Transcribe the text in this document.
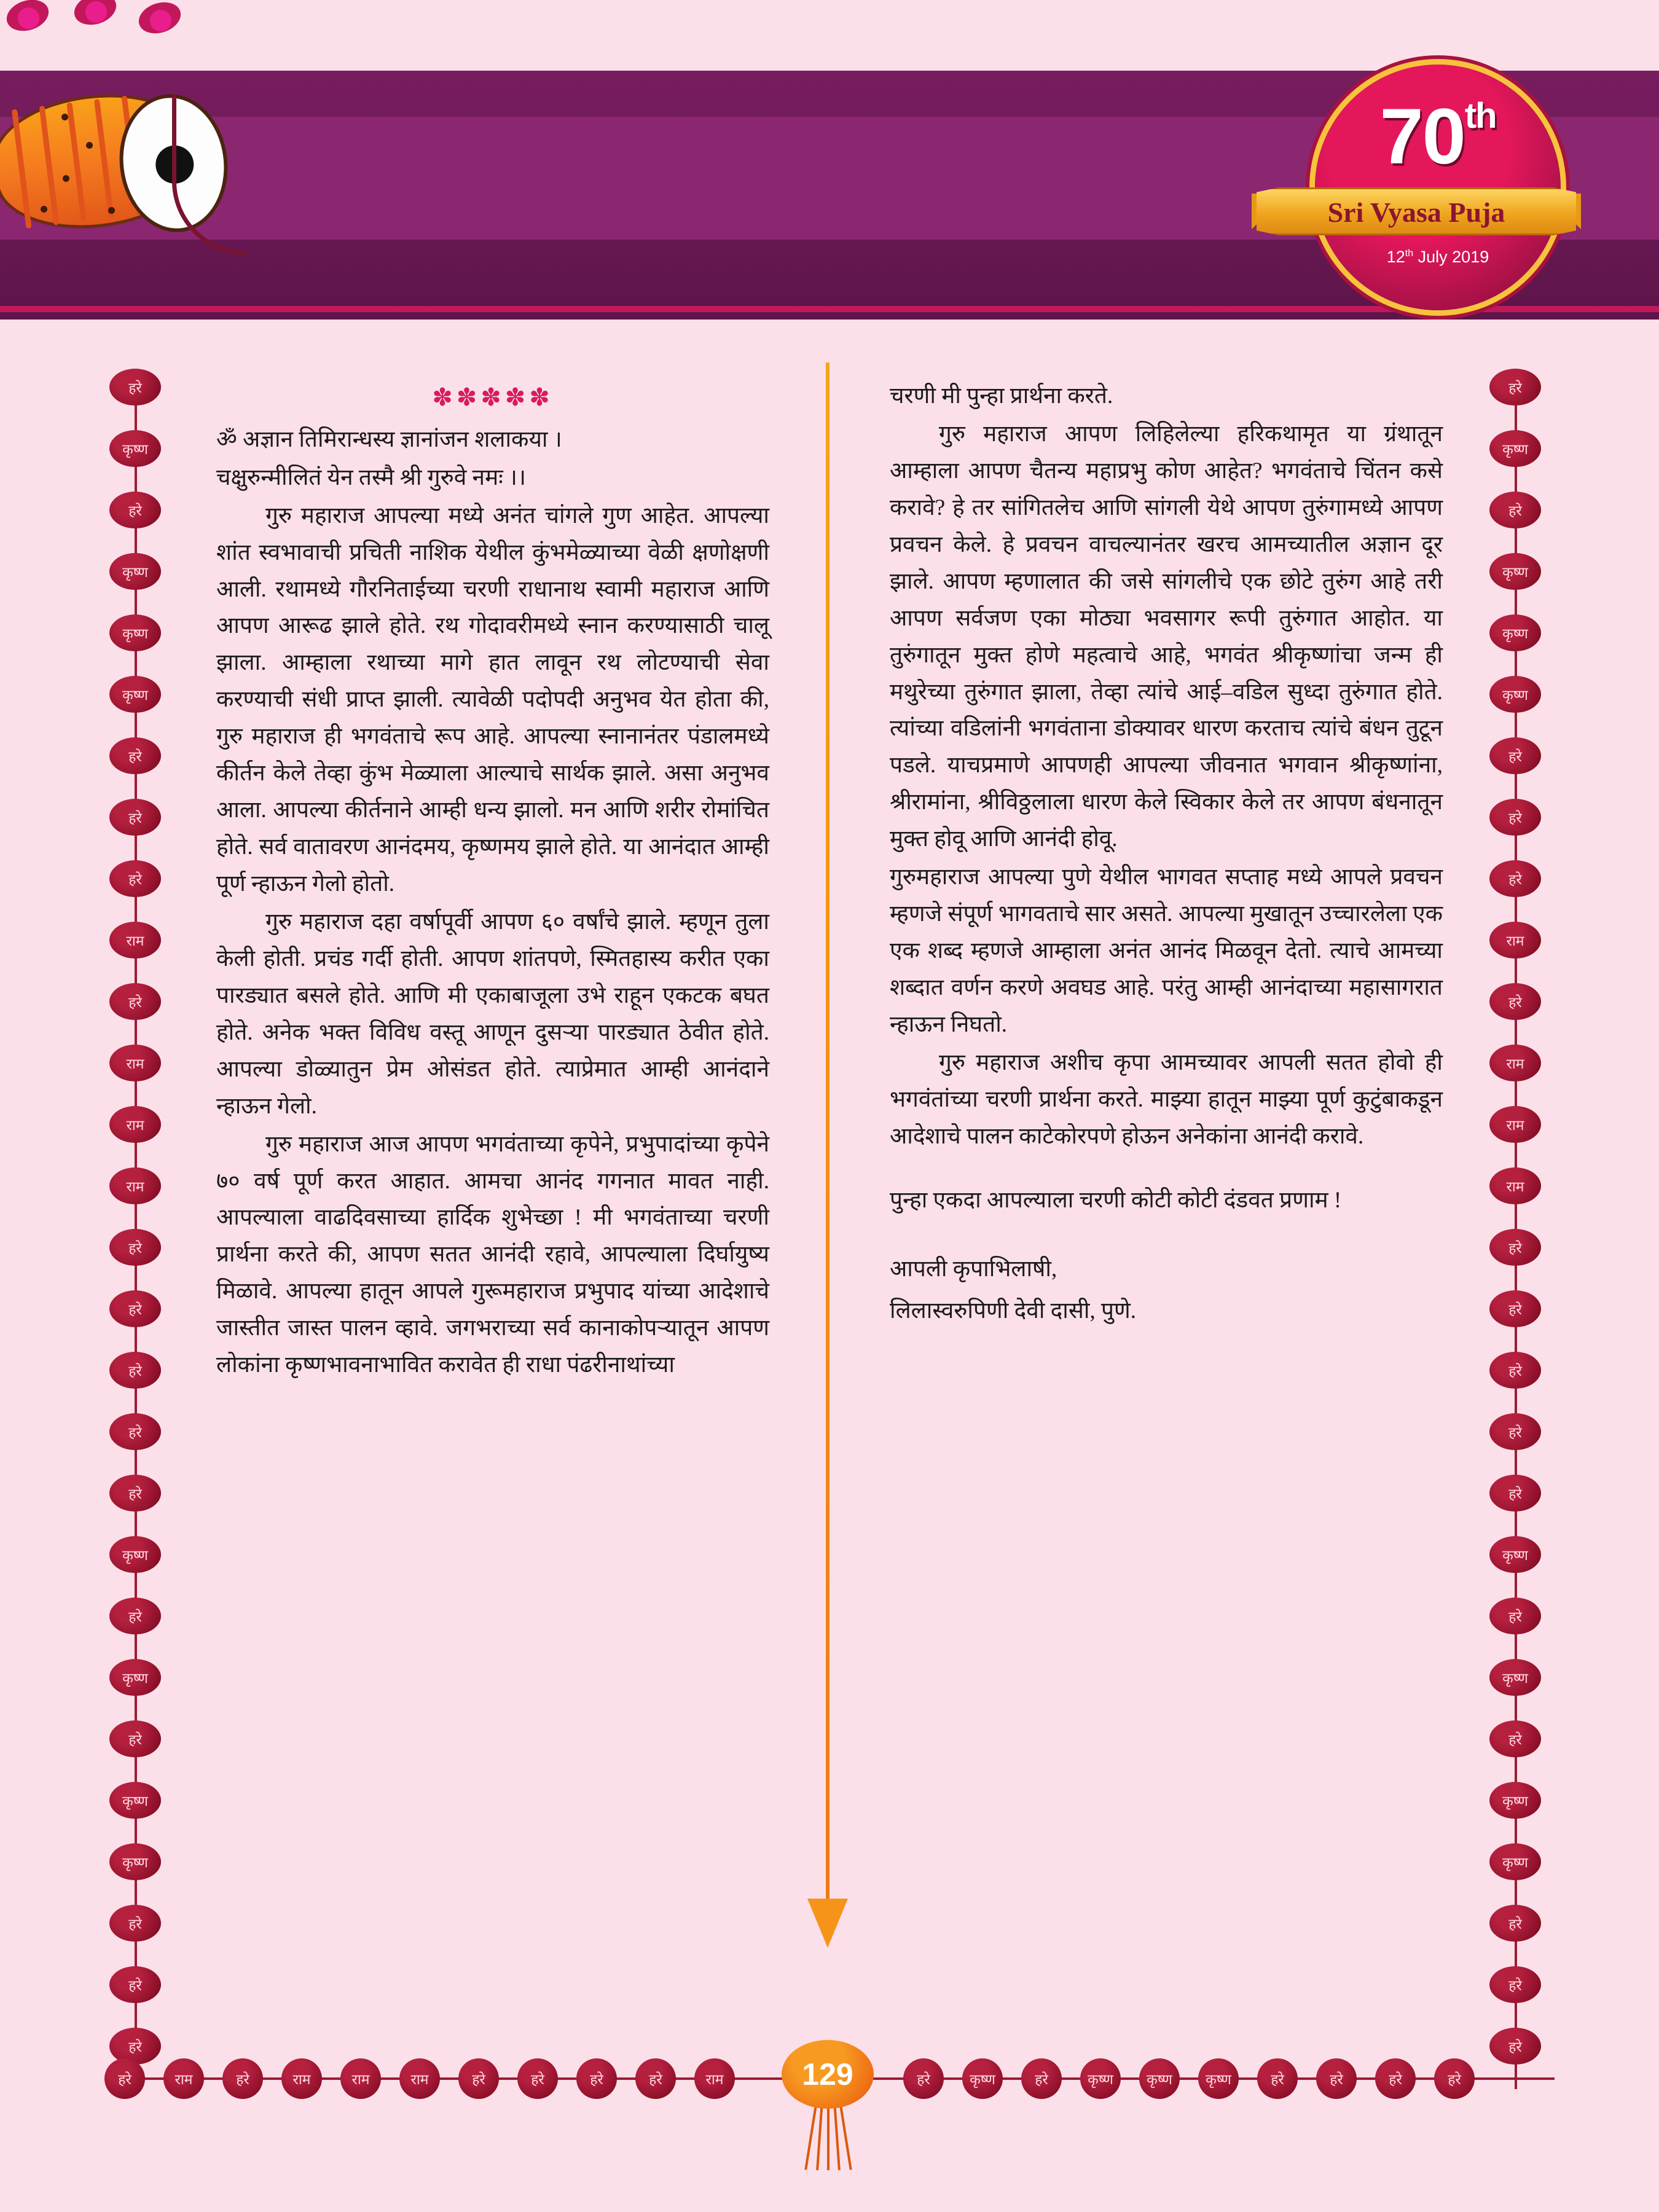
70th
Sri Vyasa Puja
12th July 2019
हरे
कृष्ण
हरे
कृष्ण
कृष्ण
कृष्ण
हरे
हरे
हरे
राम
हरे
राम
राम
राम
हरे
हरे
हरे
हरे
हरे
कृष्ण
हरे
कृष्ण
हरे
कृष्ण
कृष्ण
हरे
हरे
हरे
हरे
कृष्ण
हरे
कृष्ण
कृष्ण
कृष्ण
हरे
हरे
हरे
राम
हरे
राम
राम
राम
हरे
हरे
हरे
हरे
हरे
कृष्ण
हरे
कृष्ण
हरे
कृष्ण
कृष्ण
हरे
हरे
हरे
हरे	राम	हरे	राम	राम	राम	हरे	हरे	हरे	हरे	राम	हरे	कृष्ण	हरे	कृष्ण	कृष्ण	कृष्ण	हरे	हरे	हरे	हरे
129
✽✽✽✽✽

ॐ अज्ञान तिमिरान्धस्य ज्ञानांजन शलाकया ।

चक्षुरुन्मीलितं येन तस्मै श्री गुरुवे नमः ।।

गुरु महाराज आपल्या मध्ये अनंत चांगले गुण आहेत. आपल्या शांत स्वभावाची प्रचिती नाशिक येथील कुंभमेळ्याच्या वेळी क्षणोक्षणी आली. रथामध्ये गौरनिताईच्या चरणी राधानाथ स्वामी महाराज आणि आपण आरूढ झाले होते. रथ गोदावरीमध्ये स्नान करण्यासाठी चालू झाला. आम्हाला रथाच्या मागे हात लावून रथ लोटण्याची सेवा करण्याची संधी प्राप्त झाली. त्यावेळी पदोपदी अनुभव येत होता की, गुरु महाराज ही भगवंताचे रूप आहे. आपल्या स्नानानंतर पंडालमध्ये कीर्तन केले तेव्हा कुंभ मेळ्याला आल्याचे सार्थक झाले. असा अनुभव आला. आपल्या कीर्तनाने आम्ही धन्य झालो. मन आणि शरीर रोमांचित होते. सर्व वातावरण आनंदमय, कृष्णमय झाले होते. या आनंदात आम्ही पूर्ण न्हाऊन गेलो होतो.

गुरु महाराज दहा वर्षापूर्वी आपण ६० वर्षांचे झाले. म्हणून तुला केली होती. प्रचंड गर्दी होती. आपण शांतपणे, स्मितहास्य करीत एका पारड्यात बसले होते. आणि मी एकाबाजूला उभे राहून एकटक बघत होते. अनेक भक्त विविध वस्तू आणून दुसऱ्या पारड्यात ठेवीत होते. आपल्या डोळ्यातुन प्रेम ओसंडत होते. त्याप्रेमात आम्ही आनंदाने न्हाऊन गेलो.

गुरु महाराज आज आपण भगवंताच्या कृपेने, प्रभुपादांच्या कृपेने ७० वर्ष पूर्ण करत आहात. आमचा आनंद गगनात मावत नाही. आपल्याला वाढदिवसाच्या हार्दिक शुभेच्छा ! मी भगवंताच्या चरणी प्रार्थना करते की, आपण सतत आनंदी रहावे, आपल्याला दिर्घायुष्य मिळावे. आपल्या हातून आपले गुरूमहाराज प्रभुपाद यांच्या आदेशाचे जास्तीत जास्त पालन व्हावे. जगभराच्या सर्व कानाकोपऱ्यातून आपण लोकांना कृष्णभावनाभावित करावेत ही राधा पंढरीनाथांच्या

चरणी मी पुन्हा प्रार्थना करते.

गुरु महाराज आपण लिहिलेल्या हरिकथामृत या ग्रंथातून आम्हाला आपण चैतन्य महाप्रभु कोण आहेत? भगवंताचे चिंतन कसे करावे? हे तर सांगितलेच आणि सांगली येथे आपण तुरुंगामध्ये आपण प्रवचन केले. हे प्रवचन वाचल्यानंतर खरच आमच्यातील अज्ञान दूर झाले. आपण म्हणालात की जसे सांगलीचे एक छोटे तुरुंग आहे तरी आपण सर्वजण एका मोठ्या भवसागर रूपी तुरुंगात आहोत. या तुरुंगातून मुक्त होणे महत्वाचे आहे, भगवंत श्रीकृष्णांचा जन्म ही मथुरेच्या तुरुंगात झाला, तेव्हा त्यांचे आई–वडिल सुध्दा तुरुंगात होते. त्यांच्या वडिलांनी भगवंताना डोक्यावर धारण करताच त्यांचे बंधन तुटून पडले. याचप्रमाणे आपणही आपल्या जीवनात भगवान श्रीकृष्णांना, श्रीरामांना, श्रीविठ्ठलाला धारण केले स्विकार केले तर आपण बंधनातून मुक्त होवू आणि आनंदी होवू.

गुरुमहाराज आपल्या पुणे येथील भागवत सप्ताह मध्ये आपले प्रवचन म्हणजे संपूर्ण भागवताचे सार असते. आपल्या मुखातून उच्चारलेला एक एक शब्द म्हणजे आम्हाला अनंत आनंद मिळवून देतो. त्याचे आमच्या शब्दात वर्णन करणे अवघड आहे. परंतु आम्ही आनंदाच्या महासागरात न्हाऊन निघतो.

गुरु महाराज अशीच कृपा आमच्यावर आपली सतत होवो ही भगवंतांच्या चरणी प्रार्थना करते. माझ्या हातून माझ्या पूर्ण कुटुंबाकडून आदेशाचे पालन काटेकोरपणे होऊन अनेकांना आनंदी करावे.

पुन्हा एकदा आपल्याला चरणी कोटी कोटी दंडवत प्रणाम !

आपली कृपाभिलाषी,

लिलास्वरुपिणी देवी दासी, पुणे.
